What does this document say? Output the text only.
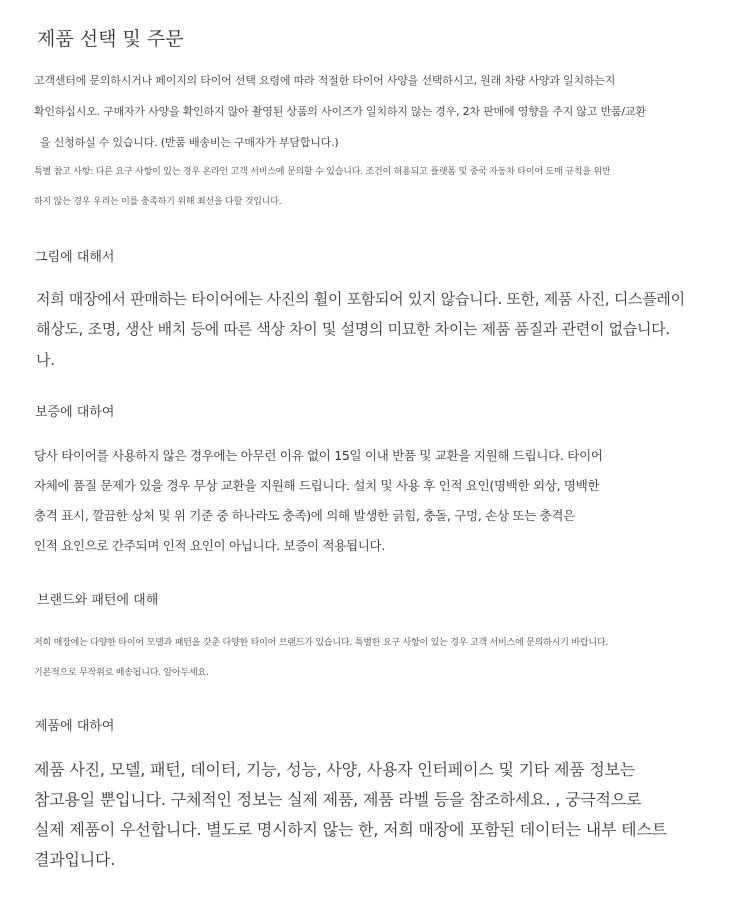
제품 선택 및 주문
고객센터에 문의하시거나 페이지의 타이어 선택 요령에 따라 적절한 타이어 사양을 선택하시고, 원래 차량 사양과 일치하는지
확인하십시오. 구매자가 사양을 확인하지 않아 촬영된 상품의 사이즈가 일치하지 않는 경우, 2차 판매에 영향을 주지 않고 반품/교환
을 신청하실 수 있습니다. (반품 배송비는 구매자가 부담합니다.)
특별 참고 사항: 다른 요구 사항이 있는 경우 온라인 고객 서비스에 문의할 수 있습니다. 조건이 허용되고 플랫폼 및 중국 자동차 타이어 도매 규칙을 위반
하지 않는 경우 우리는 이를 충족하기 위해 최선을 다할 것입니다.
그림에 대해서
저희 매장에서 판매하는 타이어에는 사진의 휠이 포함되어 있지 않습니다. 또한, 제품 사진, 디스플레이
해상도, 조명, 생산 배치 등에 따른 색상 차이 및 설명의 미묘한 차이는 제품 품질과 관련이 없습니다.
나.
보증에 대하여
당사 타이어를 사용하지 않은 경우에는 아무런 이유 없이 15일 이내 반품 및 교환을 지원해 드립니다. 타이어
자체에 품질 문제가 있을 경우 무상 교환을 지원해 드립니다. 설치 및 사용 후 인적 요인(명백한 외상, 명백한
충격 표시, 깔끔한 상처 및 위 기준 중 하나라도 충족)에 의해 발생한 긁힘, 충돌, 구멍, 손상 또는 충격은
인적 요인으로 간주되며 인적 요인이 아닙니다. 보증이 적용됩니다.
브랜드와 패턴에 대해
저희 매장에는 다양한 타이어 모델과 패턴을 갖춘 다양한 타이어 브랜드가 있습니다. 특별한 요구 사항이 있는 경우 고객 서비스에 문의하시기 바랍니다.
기본적으로 무작위로 배송됩니다. 알아두세요.
제품에 대하여
제품 사진, 모델, 패턴, 데이터, 기능, 성능, 사양, 사용자 인터페이스 및 기타 제품 정보는
참고용일 뿐입니다. 구체적인 정보는 실제 제품, 제품 라벨 등을 참조하세요. , 궁극적으로
실제 제품이 우선합니다. 별도로 명시하지 않는 한, 저희 매장에 포함된 데이터는 내부 테스트
결과입니다.
